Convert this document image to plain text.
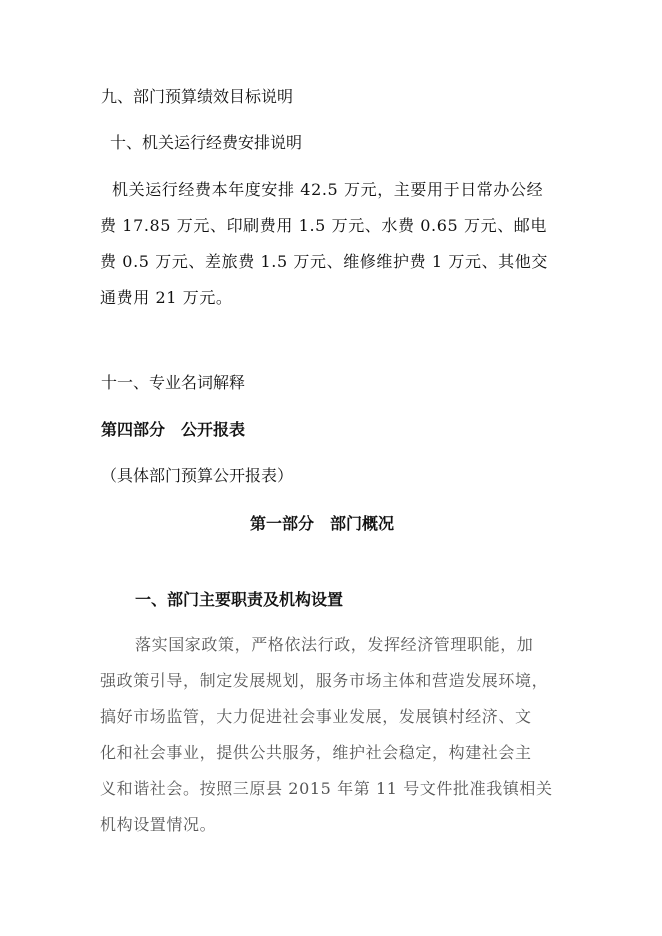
九、部门预算绩效目标说明
十、机关运行经费安排说明
机关运行经费本年度安排 42.5 万元，主要用于日常办公经
费 17.85 万元、印刷费用 1.5 万元、水费 0.65 万元、邮电
费 0.5 万元、差旅费 1.5 万元、维修维护费 1 万元、其他交
通费用 21 万元。
十一、专业名词解释
第四部分　公开报表
（具体部门预算公开报表）
第一部分　部门概况
一、部门主要职责及机构设置
落实国家政策，严格依法行政，发挥经济管理职能，加
强政策引导，制定发展规划，服务市场主体和营造发展环境，
搞好市场监管，大力促进社会事业发展，发展镇村经济、文
化和社会事业，提供公共服务，维护社会稳定，构建社会主
义和谐社会。按照三原县 2015 年第 11 号文件批准我镇相关
机构设置情况。
